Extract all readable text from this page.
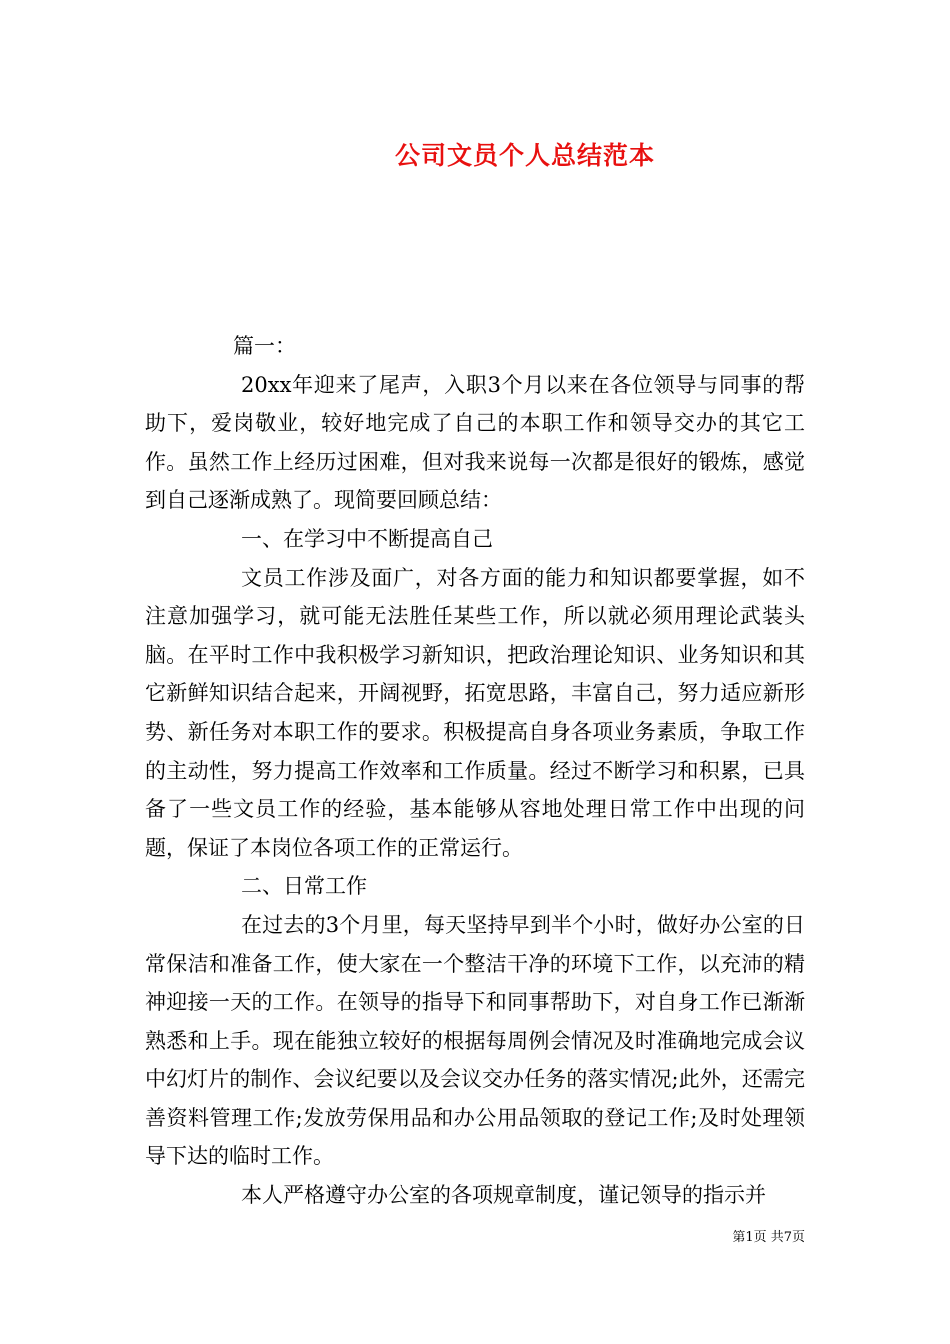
公司文员个人总结范本

篇一：

20xx年迎来了尾声，入职3个月以来在各位领导与同事的帮助下，爱岗敬业，较好地完成了自己的本职工作和领导交办的其它工作。虽然工作上经历过困难，但对我来说每一次都是很好的锻炼，感觉到自己逐渐成熟了。现简要回顾总结：

一、在学习中不断提高自己

文员工作涉及面广，对各方面的能力和知识都要掌握，如不注意加强学习，就可能无法胜任某些工作，所以就必须用理论武装头脑。在平时工作中我积极学习新知识，把政治理论知识、业务知识和其它新鲜知识结合起来，开阔视野，拓宽思路，丰富自己，努力适应新形势、新任务对本职工作的要求。积极提高自身各项业务素质，争取工作的主动性，努力提高工作效率和工作质量。经过不断学习和积累，已具备了一些文员工作的经验，基本能够从容地处理日常工作中出现的问题，保证了本岗位各项工作的正常运行。

二、日常工作

在过去的3个月里，每天坚持早到半个小时，做好办公室的日常保洁和准备工作，使大家在一个整洁干净的环境下工作，以充沛的精神迎接一天的工作。在领导的指导下和同事帮助下，对自身工作已渐渐熟悉和上手。现在能独立较好的根据每周例会情况及时准确地完成会议中幻灯片的制作、会议纪要以及会议交办任务的落实情况;此外，还需完善资料管理工作;发放劳保用品和办公用品领取的登记工作;及时处理领导下达的临时工作。

本人严格遵守办公室的各项规章制度，谨记领导的指示并

第1页 共7页
